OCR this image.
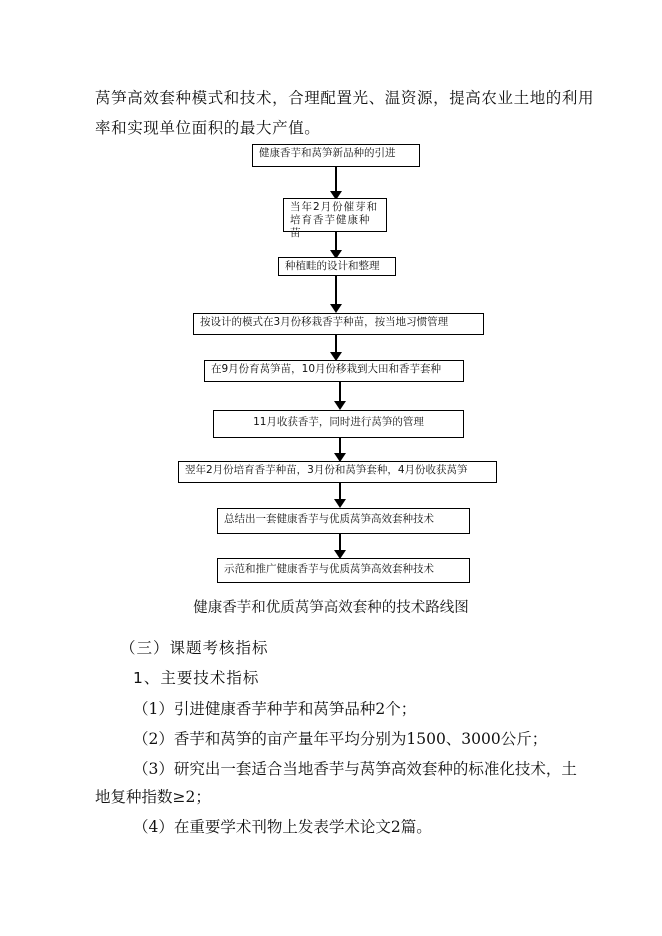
莴笋高效套种模式和技术，合理配置光、温资源，提高农业土地的利用
率和实现单位面积的最大产值。
健康香芋和莴笋新品种的引进
当年2月份催芽和培育香芋健康种苗
种植畦的设计和整理
按设计的模式在3月份移栽香芋种苗，按当地习惯管理
在9月份育莴笋苗，10月份移栽到大田和香芋套种
11月收获香芋，同时进行莴笋的管理
翌年2月份培育香芋种苗，3月份和莴笋套种，4月份收获莴笋
总结出一套健康香芋与优质莴笋高效套种技术
示范和推广健康香芋与优质莴笋高效套种技术
健康香芋和优质莴笋高效套种的技术路线图
（三）课题考核指标
1、主要技术指标
（1）引进健康香芋种芋和莴笋品种2个；
（2）香芋和莴笋的亩产量年平均分别为1500、3000公斤；
（3）研究出一套适合当地香芋与莴笋高效套种的标准化技术，土
地复种指数≥2；
（4）在重要学术刊物上发表学术论文2篇。
